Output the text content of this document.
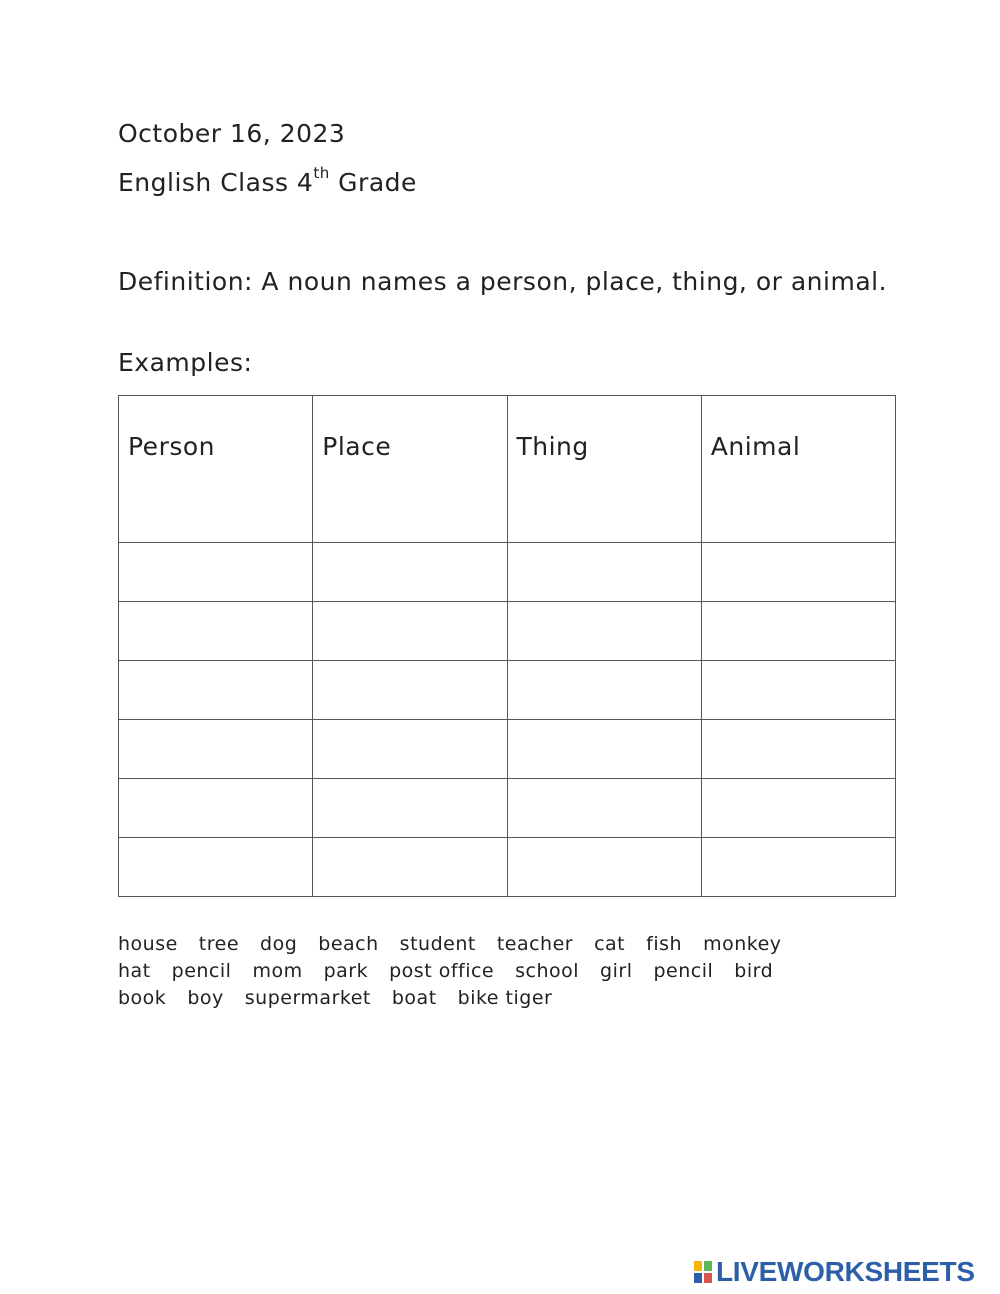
October 16, 2023
English Class 4th Grade
Definition: A noun names a person, place, thing, or animal.
Examples:
Person	Place	Thing	Animal

house tree dog beach student teacher cat fish monkey
hat pencil mom park post office school girl pencil bird
book boy supermarket boat bike tiger
LIVEWORKSHEETS
